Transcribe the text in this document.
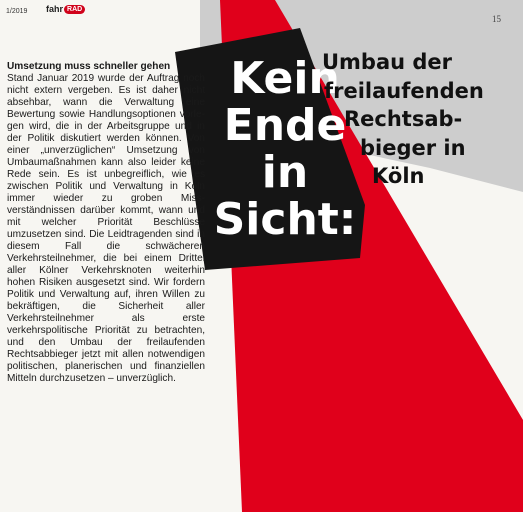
1/2019 fahr RAD
15
Umsetzung muss schneller gehen
Stand Januar 2019 wurde der Auftrag noch nicht extern vergeben. Es ist daher nicht absehbar, wann die Verwaltung eine Bewertung sowie Handlungsoptionen vorlegen wird, die in der Arbeitsgruppe und in der Politik diskutiert werden können. Von einer „unverzüglichen“ Umsetzung von Umbaumaßnahmen kann also leider keine Rede sein. Es ist unbegreiflich, wie es zwischen Politik und Verwaltung in Köln immer wieder zu groben Missverständnissen darüber kommt, wann und mit welcher Priorität Beschlüsse umzusetzen sind. Die Leidtragenden sind in diesem Fall die schwächeren Verkehrsteilnehmer, die bei einem Drittel aller Kölner Verkehrsknoten weiterhin hohen Risiken ausgesetzt sind. Wir fordern Politik und Verwaltung auf, ihren Willen zu bekräftigen, die Sicherheit aller Verkehrsteilnehmer als erste verkehrspolitische Priorität zu betrachten, und den Umbau der freilaufenden Rechtsabbieger jetzt mit allen notwendigen politischen, planerischen und finanziellen Mitteln durchzusetzen – unverzüglich.
Kein
Ende
in
Sicht:
Umbau der
freilaufenden
Rechtsab-
bieger in
Köln
